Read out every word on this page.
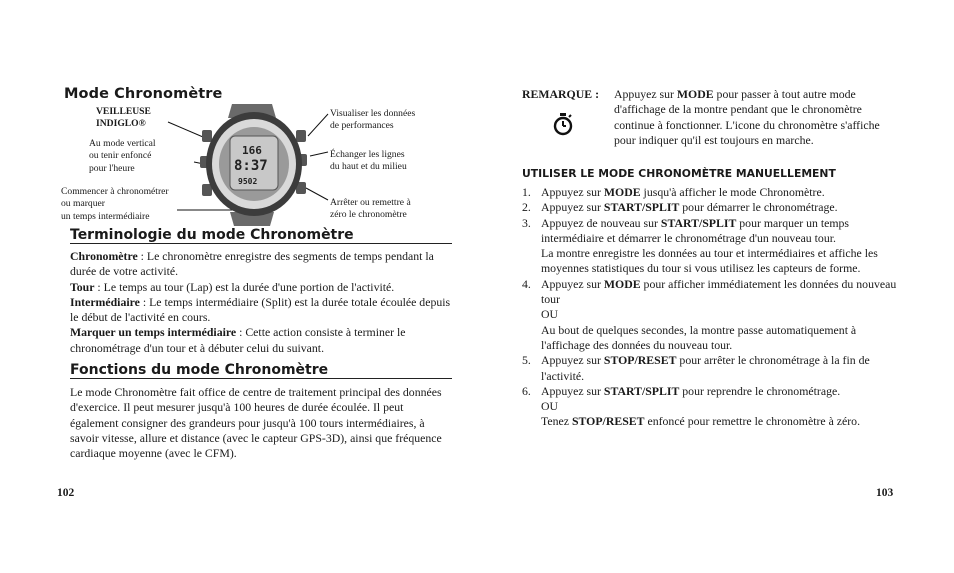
Mode Chronomètre
VEILLEUSE
INDIGLO®
Au mode vertical
ou tenir enfoncé
pour l'heure
Commencer à chronométrer
ou marquer
un temps intermédiaire
Visualiser les données
de performances
Échanger les lignes
du haut et du milieu
Arrêter ou remettre à
zéro le chronomètre
166
8:37
9502
Terminologie du mode Chronomètre

Chronomètre : Le chronomètre enregistre des segments de temps pendant la durée de votre activité.

Tour : Le temps au tour (Lap) est la durée d'une portion de l'activité.

Intermédiaire : Le temps intermédiaire (Split) est la durée totale écoulée depuis le début de l'activité en cours.

Marquer un temps intermédiaire : Cette action consiste à terminer le chronométrage d'un tour et à débuter celui du suivant.

Fonctions du mode Chronomètre

Le mode Chronomètre fait office de centre de traitement principal des données d'exercice. Il peut mesurer jusqu'à 100 heures de durée écoulée. Il peut également consigner des grandeurs pour jusqu'à 100 tours intermédiaires, à savoir vitesse, allure et distance (avec le capteur GPS-3D), ainsi que fréquence cardiaque moyenne (avec le CFM).

102
REMARQUE : Appuyez sur MODE pour passer à tout autre mode d'affichage de la montre pendant que le chronomètre continue à fonctionner. L'icone du chronomètre s'affiche pour indiquer qu'il est toujours en marche.

UTILISER LE MODE CHRONOMÈTRE MANUELLEMENT
1. Appuyez sur MODE jusqu'à afficher le mode Chronomètre.
2. Appuyez sur START/SPLIT pour démarrer le chronométrage.
3. Appuyez de nouveau sur START/SPLIT pour marquer un temps intermédiaire et démarrer le chronométrage d'un nouveau tour.
La montre enregistre les données au tour et intermédiaires et affiche les moyennes statistiques du tour si vous utilisez les capteurs de forme.
4. Appuyez sur MODE pour afficher immédiatement les données du nouveau tour
OU
Au bout de quelques secondes, la montre passe automatiquement à l'affichage des données du nouveau tour.
5. Appuyez sur STOP/RESET pour arrêter le chronométrage à la fin de l'activité.
6. Appuyez sur START/SPLIT pour reprendre le chronométrage.
OU
Tenez STOP/RESET enfoncé pour remettre le chronomètre à zéro.
103
